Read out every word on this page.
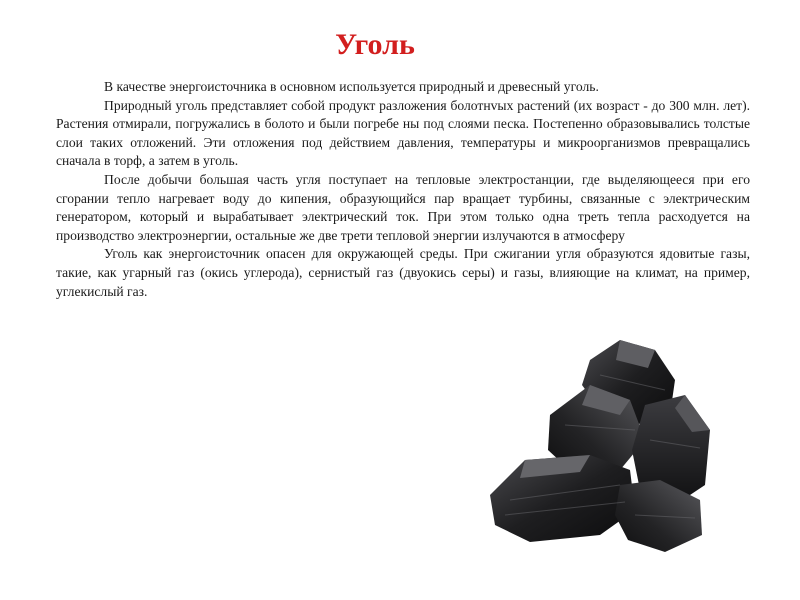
Уголь

В качестве энергоисточника в основном используется природный и древесный уголь.

Природный уголь представляет собой продукт разложения болотнvых растений (их возраст - до 300 млн. лет). Растения отмирали, погружались в болото и были погребе ны под слоями песка. Постепенно образовывались толстые слои таких отложений. Эти отложения под действием давления, температуры и микроорганизмов превращались сначала в торф, а затем в уголь.

После добычи большая часть угля поступает на тепловые электростанции, где выделяющееся при его сгорании тепло нагревает воду до кипения, образующийся пар вращает турбины, связанные с электрическим генератором, который и вырабатывает электрический ток. При этом только одна треть тепла расходуется на производство электроэнергии, остальные же две трети тепловой энергии излучаются в атмосферу

Уголь как энергоисточник опасен для окружающей среды. При сжигании угля образуются ядовитые газы, такие, как угарный газ (окись углерода), сернистый газ (двуокись серы) и газы, влияющие на климат, на пример, углекислый газ.
